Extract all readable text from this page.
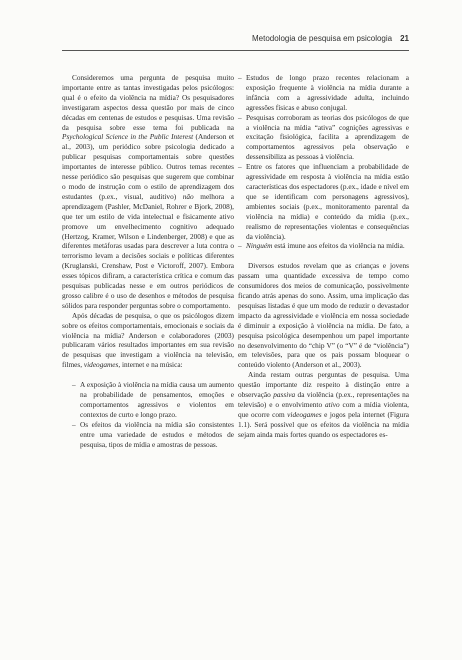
Metodologia de pesquisa em psicologia 21

Consideremos uma pergunta de pesquisa muito importante entre as tantas investigadas pelos psicólogos: qual é o efeito da violência na mídia? Os pesquisadores investigaram aspectos dessa questão por mais de cinco décadas em centenas de estudos e pesquisas. Uma revisão da pesquisa sobre esse tema foi publicada na Psychological Science in the Public Interest (Anderson et al., 2003), um periódico sobre psicologia dedicado a publicar pesquisas comportamentais sobre questões importantes de interesse público. Outros temas recentes nesse periódico são pesquisas que sugerem que combinar o modo de instrução com o estilo de aprendizagem dos estudantes (p.ex., visual, auditivo) não melhora a aprendizagem (Pashler, McDaniel, Rohrer e Bjork, 2008), que ter um estilo de vida intelectual e fisicamente ativo promove um envelhecimento cognitivo adequado (Hertzog, Kramer, Wilson e Lindenberger, 2008) e que as diferentes metáforas usadas para descrever a luta contra o terrorismo levam a decisões sociais e políticas diferentes (Kruglanski, Crenshaw, Post e Victoroff, 2007). Embora esses tópicos difiram, a característica crítica e comum das pesquisas publicadas nesse e em outros periódicos de grosso calibre é o uso de desenhos e métodos de pesquisa sólidos para responder perguntas sobre o comportamento.

Após décadas de pesquisa, o que os psicólogos dizem sobre os efeitos comportamentais, emocionais e sociais da violência na mídia? Anderson e colaboradores (2003) publicaram vários resultados importantes em sua revisão de pesquisas que investigam a violência na televisão, filmes, videogames, internet e na música:

– A exposição à violência na mídia causa um aumento na probabilidade de pensamentos, emoções e comportamentos agressivos e violentos em contextos de curto e longo prazo.
– Os efeitos da violência na mídia são consistentes entre uma variedade de estudos e métodos de pesquisa, tipos de mídia e amostras de pessoas.
– Estudos de longo prazo recentes relacionam a exposição frequente à violência na mídia durante a infância com a agressividade adulta, incluindo agressões físicas e abuso conjugal.
– Pesquisas corroboram as teorias dos psicólogos de que a violência na mídia “ativa” cognições agressivas e excitação fisiológica, facilita a aprendizagem de comportamentos agressivos pela observação e dessensibiliza as pessoas à violência.
– Entre os fatores que influenciam a probabilidade de agressividade em resposta à violência na mídia estão características dos espectadores (p.ex., idade e nível em que se identificam com personagens agressivos), ambientes sociais (p.ex., monitoramento parental da violência na mídia) e conteúdo da mídia (p.ex., realismo de representações violentas e consequências da violência).
– Ninguém está imune aos efeitos da violência na mídia.

Diversos estudos revelam que as crianças e jovens passam uma quantidade excessiva de tempo como consumidores dos meios de comunicação, possivelmente ficando atrás apenas do sono. Assim, uma implicação das pesquisas listadas é que um modo de reduzir o devastador impacto da agressividade e violência em nossa sociedade é diminuir a exposição à violência na mídia. De fato, a pesquisa psicológica desempenhou um papel importante no desenvolvimento do “chip V” (o “V” é de “violência”) em televisões, para que os pais possam bloquear o conteúdo violento (Anderson et al., 2003).

Ainda restam outras perguntas de pesquisa. Uma questão importante diz respeito à distinção entre a observação passiva da violência (p.ex., representações na televisão) e o envolvimento ativo com a mídia violenta, que ocorre com videogames e jogos pela internet (Figura 1.1). Será possível que os efeitos da violência na mídia sejam ainda mais fortes quando os espectadores es-
